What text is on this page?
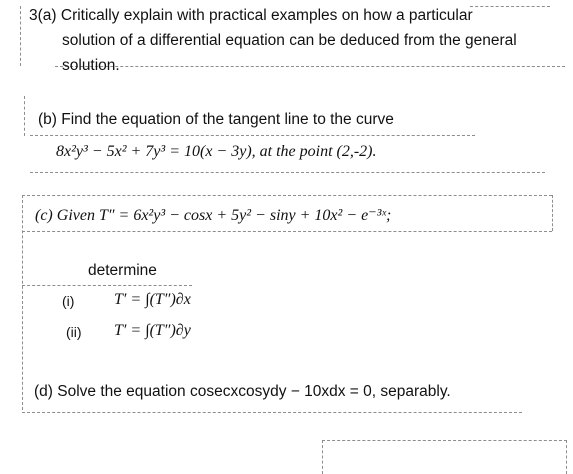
3(a) Critically explain with practical examples on how a particular
solution of a differential equation can be deduced from the general
solution.
(b) Find the equation of the tangent line to the curve
8x²y³ − 5x² + 7y³ = 10(x − 3y), at the point (2,-2).
(c) Given T″ = 6x²y³ − cosx + 5y² − siny + 10x² − e⁻³ˣ;
determine
(i) T′ = ∫(T″)∂x
(ii) T′ = ∫(T″)∂y
(d) Solve the equation cosecxcosydy − 10xdx = 0, separably.
